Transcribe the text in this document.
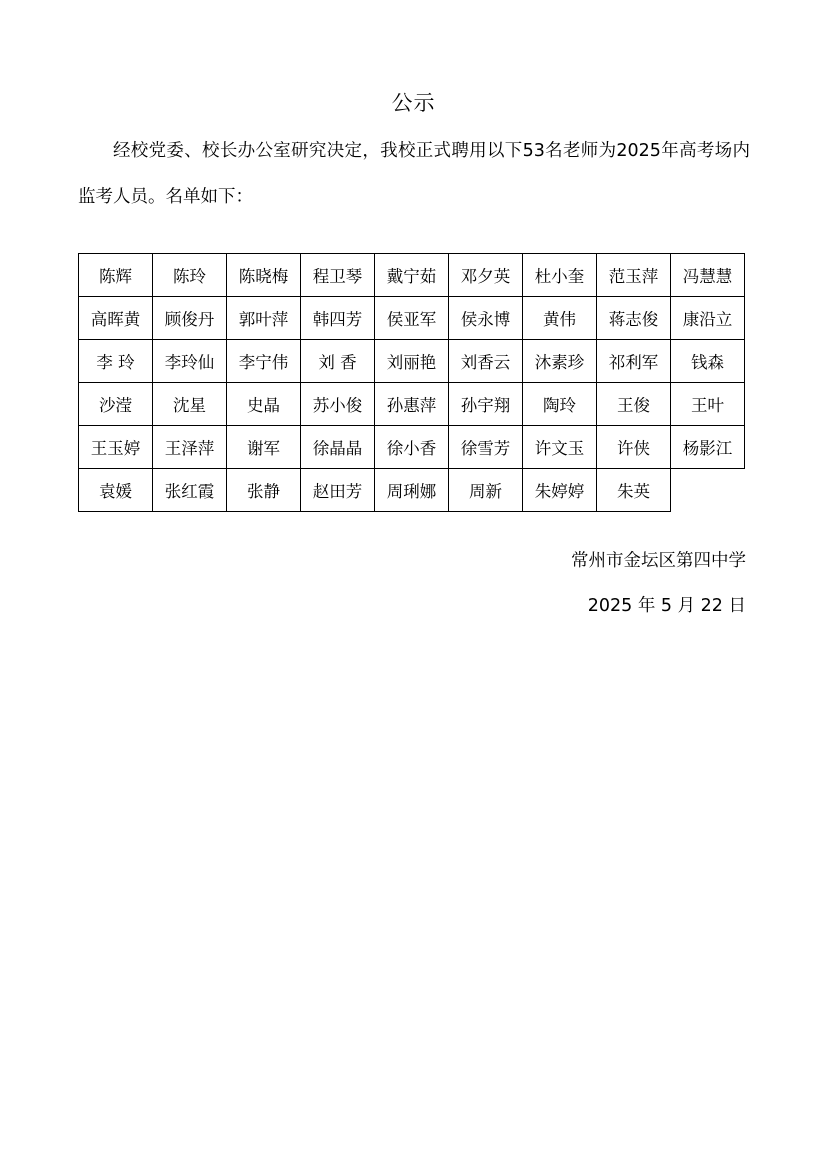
公示

经校党委、校长办公室研究决定，我校正式聘用以下53名老师为2025年高考场内监考人员。名单如下：

陈辉	陈玲	陈晓梅	程卫琴	戴宁茹	邓夕英	杜小奎	范玉萍	冯慧慧
高晖黄	顾俊丹	郭叶萍	韩四芳	侯亚军	侯永博	黄伟	蒋志俊	康沿立
李 玲	李玲仙	李宁伟	刘 香	刘丽艳	刘香云	沐素珍	祁利军	钱森
沙滢	沈星	史晶	苏小俊	孙惠萍	孙宇翔	陶玲	王俊	王叶
王玉婷	王泽萍	谢军	徐晶晶	徐小香	徐雪芳	许文玉	许侠	杨影江
袁媛	张红霞	张静	赵田芳	周琍娜	周新	朱婷婷	朱英	
常州市金坛区第四中学
2025 年 5 月 22 日
